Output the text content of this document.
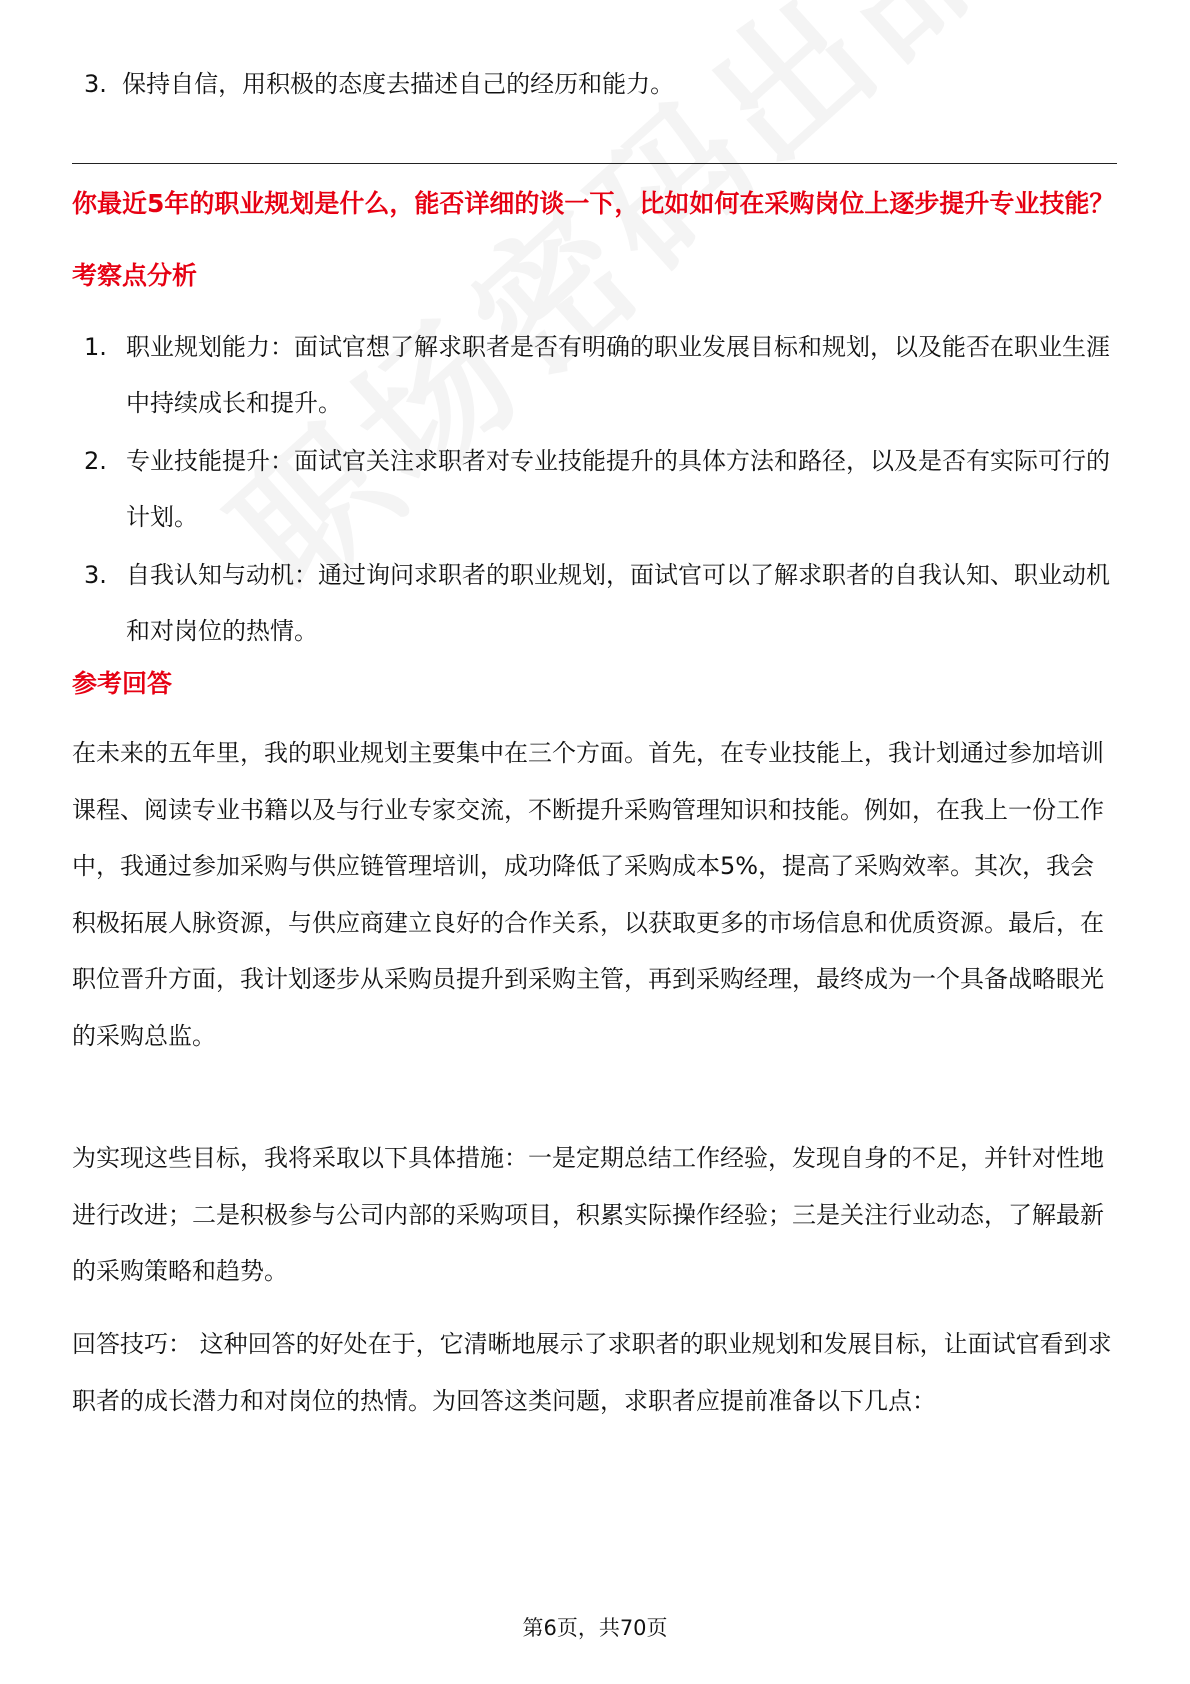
3. 保持自信，用积极的态度去描述自己的经历和能力。
你最近5年的职业规划是什么，能否详细的谈一下，比如如何在采购岗位上逐步提升专业技能？
考察点分析
1. 职业规划能力：面试官想了解求职者是否有明确的职业发展目标和规划，以及能否在职业生涯中持续成长和提升。
2. 专业技能提升：面试官关注求职者对专业技能提升的具体方法和路径，以及是否有实际可行的计划。
3. 自我认知与动机：通过询问求职者的职业规划，面试官可以了解求职者的自我认知、职业动机和对岗位的热情。
参考回答

在未来的五年里，我的职业规划主要集中在三个方面。首先，在专业技能上，我计划通过参加培训课程、阅读专业书籍以及与行业专家交流，不断提升采购管理知识和技能。例如，在我上一份工作中，我通过参加采购与供应链管理培训，成功降低了采购成本5%，提高了采购效率。其次，我会积极拓展人脉资源，与供应商建立良好的合作关系，以获取更多的市场信息和优质资源。最后，在职位晋升方面，我计划逐步从采购员提升到采购主管，再到采购经理，最终成为一个具备战略眼光的采购总监。

为实现这些目标，我将采取以下具体措施：一是定期总结工作经验，发现自身的不足，并针对性地进行改进；二是积极参与公司内部的采购项目，积累实际操作经验；三是关注行业动态，了解最新的采购策略和趋势。

回答技巧： 这种回答的好处在于，它清晰地展示了求职者的职业规划和发展目标，让面试官看到求职者的成长潜力和对岗位的热情。为回答这类问题，求职者应提前准备以下几点：

第6页，共70页
